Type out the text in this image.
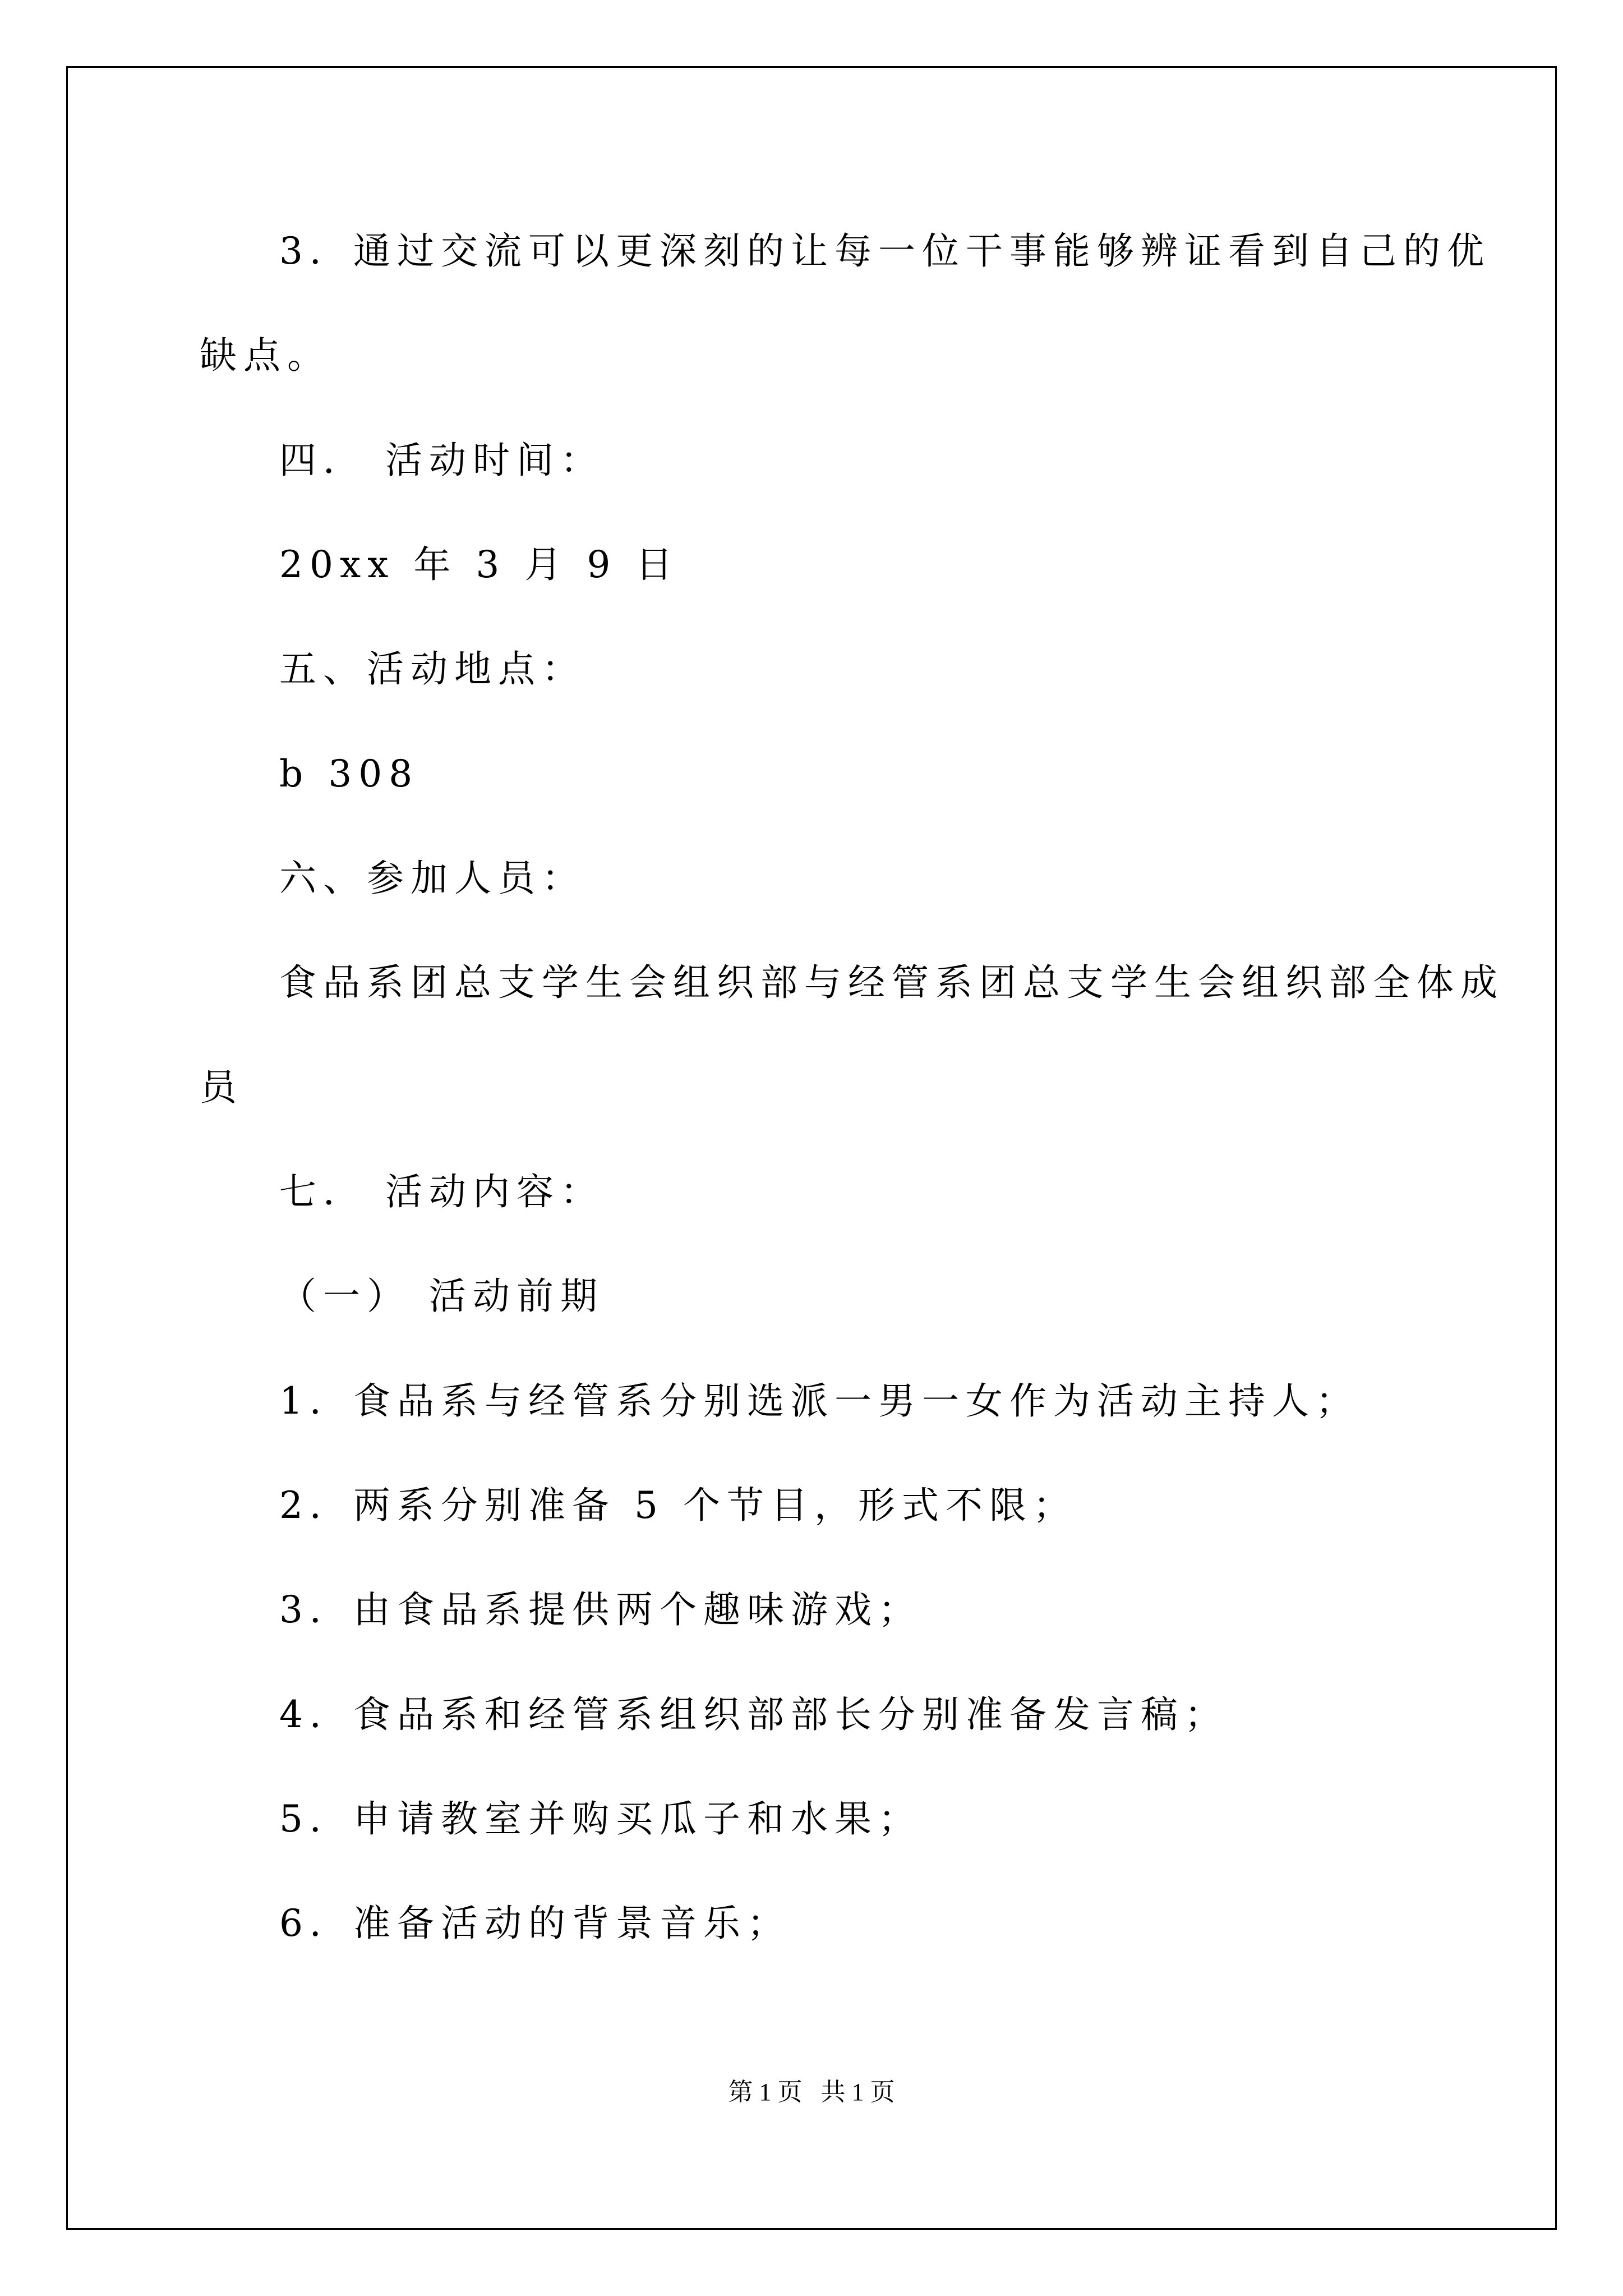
3．通过交流可以更深刻的让每一位干事能够辨证看到自己的优
缺点。
四． 活动时间：
20xx 年 3 月 9 日
五、活动地点：
b 308
六、参加人员：
食品系团总支学生会组织部与经管系团总支学生会组织部全体成
员
七． 活动内容：
（一） 活动前期
1．食品系与经管系分别选派一男一女作为活动主持人；
2．两系分别准备 5 个节目，形式不限；
3．由食品系提供两个趣味游戏；
4．食品系和经管系组织部部长分别准备发言稿；
5．申请教室并购买瓜子和水果；
6．准备活动的背景音乐；
第 1 页   共 1 页
